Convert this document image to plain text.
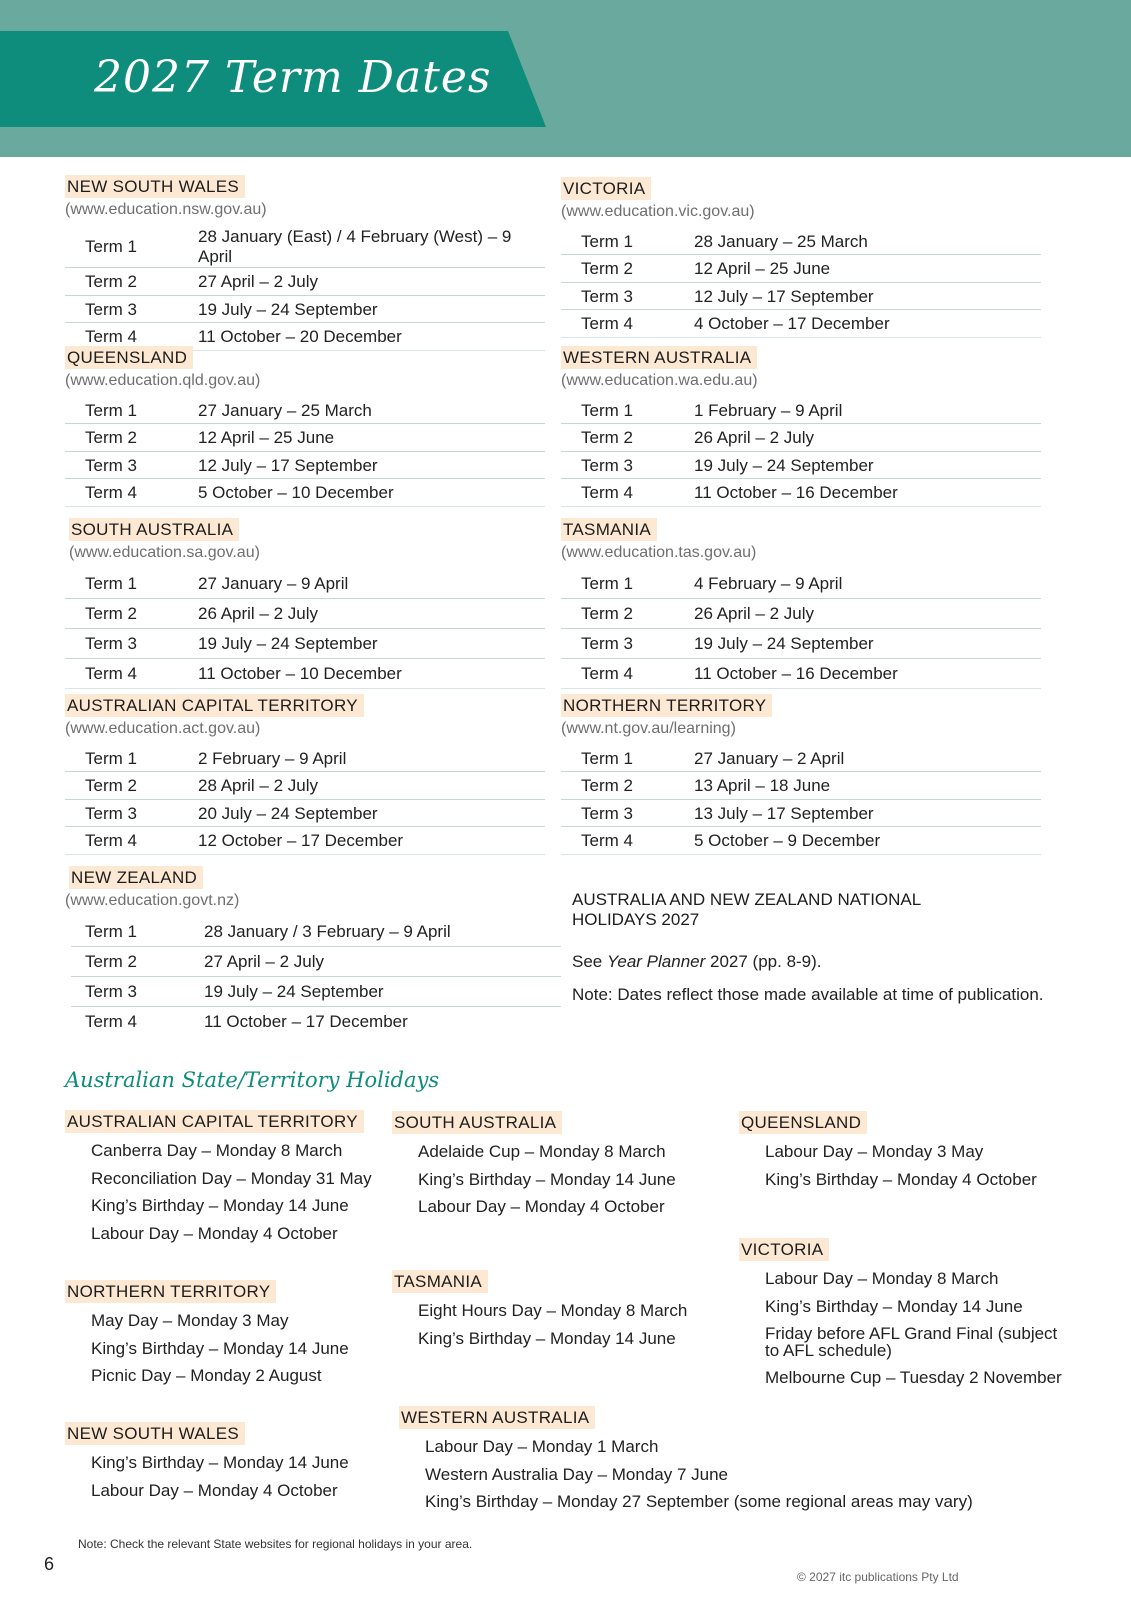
2027 Term Dates
NEW SOUTH WALES
(www.education.nsw.gov.au)
Term 1	28 January (East) / 4 February (West) – 9 April
Term 2	27 April – 2 July
Term 3	19 July – 24 September
Term 4	11 October – 20 December
VICTORIA
(www.education.vic.gov.au)
Term 1	28 January – 25 March
Term 2	12 April – 25 June
Term 3	12 July – 17 September
Term 4	4 October – 17 December
QUEENSLAND
(www.education.qld.gov.au)
Term 1	27 January – 25 March
Term 2	12 April – 25 June
Term 3	12 July – 17 September
Term 4	5 October – 10 December
WESTERN AUSTRALIA
(www.education.wa.edu.au)
Term 1	1 February – 9 April
Term 2	26 April – 2 July
Term 3	19 July – 24 September
Term 4	11 October – 16 December
SOUTH AUSTRALIA
(www.education.sa.gov.au)
Term 1	27 January – 9 April
Term 2	26 April – 2 July
Term 3	19 July – 24 September
Term 4	11 October – 10 December
TASMANIA
(www.education.tas.gov.au)
Term 1	4 February – 9 April
Term 2	26 April – 2 July
Term 3	19 July – 24 September
Term 4	11 October – 16 December
AUSTRALIAN CAPITAL TERRITORY
(www.education.act.gov.au)
Term 1	2 February – 9 April
Term 2	28 April – 2 July
Term 3	20 July – 24 September
Term 4	12 October – 17 December
NORTHERN TERRITORY
(www.nt.gov.au/learning)
Term 1	27 January – 2 April
Term 2	13 April – 18 June
Term 3	13 July – 17 September
Term 4	5 October – 9 December
NEW ZEALAND
(www.education.govt.nz)
Term 1	28 January / 3 February – 9 April
Term 2	27 April – 2 July
Term 3	19 July – 24 September
Term 4	11 October – 17 December
AUSTRALIA AND NEW ZEALAND NATIONAL HOLIDAYS 2027
See Year Planner 2027 (pp. 8-9).
Note: Dates reflect those made available at time of publication.
Australian State/Territory Holidays
AUSTRALIAN CAPITAL TERRITORY
Canberra Day – Monday 8 March
Reconciliation Day – Monday 31 May
King’s Birthday – Monday 14 June
Labour Day – Monday 4 October
SOUTH AUSTRALIA
Adelaide Cup – Monday 8 March
King’s Birthday – Monday 14 June
Labour Day – Monday 4 October
QUEENSLAND
Labour Day – Monday 3 May
King’s Birthday – Monday 4 October
NORTHERN TERRITORY
May Day – Monday 3 May
King’s Birthday – Monday 14 June
Picnic Day – Monday 2 August
TASMANIA
Eight Hours Day – Monday 8 March
King’s Birthday – Monday 14 June
VICTORIA
Labour Day – Monday 8 March
King’s Birthday – Monday 14 June
Friday before AFL Grand Final (subject to AFL schedule)
Melbourne Cup – Tuesday 2 November
NEW SOUTH WALES
King’s Birthday – Monday 14 June
Labour Day – Monday 4 October
WESTERN AUSTRALIA
Labour Day – Monday 1 March
Western Australia Day – Monday 7 June
King’s Birthday – Monday 27 September (some regional areas may vary)
Note: Check the relevant State websites for regional holidays in your area.
6
© 2027 itc publications Pty Ltd
